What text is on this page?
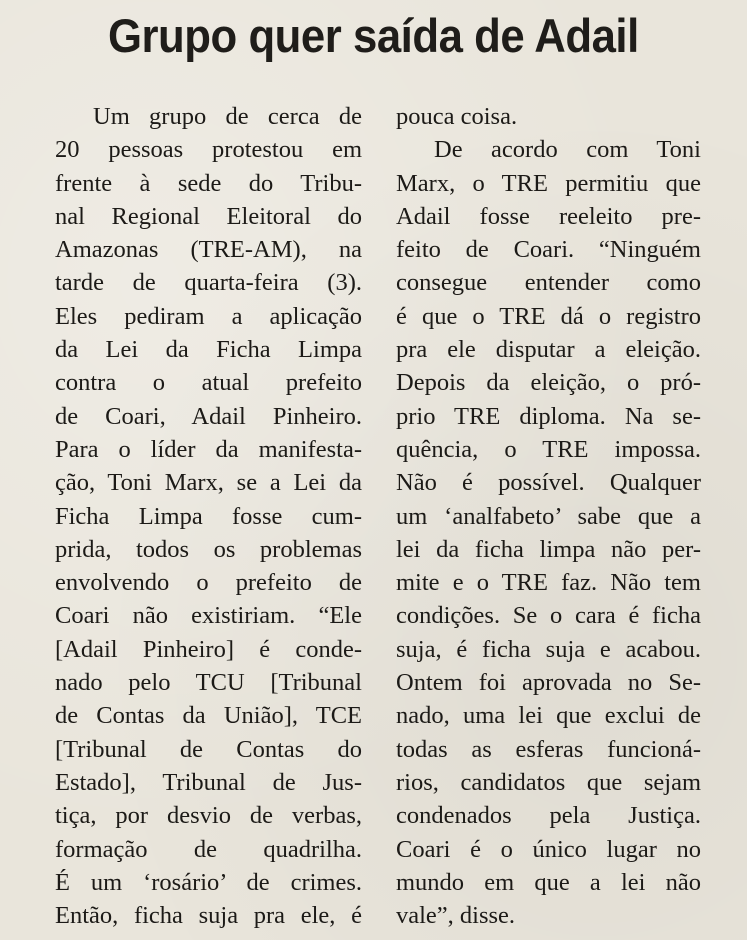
Grupo quer saída de Adail
Um grupo de cerca de
20 pessoas protestou em
frente à sede do Tribu-
nal Regional Eleitoral do
Amazonas (TRE-AM), na
tarde de quarta-feira (3).
Eles pediram a aplicação
da Lei da Ficha Limpa
contra o atual prefeito
de Coari, Adail Pinheiro.
Para o líder da manifesta-
ção, Toni Marx, se a Lei da
Ficha Limpa fosse cum-
prida, todos os problemas
envolvendo o prefeito de
Coari não existiriam. “Ele
[Adail Pinheiro] é conde-
nado pelo TCU [Tribunal
de Contas da União], TCE
[Tribunal de Contas do
Estado], Tribunal de Jus-
tiça, por desvio de verbas,
formação de quadrilha.
É um ‘rosário’ de crimes.
Então, ficha suja pra ele, é
pouca coisa.
De acordo com Toni
Marx, o TRE permitiu que
Adail fosse reeleito pre-
feito de Coari. “Ninguém
consegue entender como
é que o TRE dá o registro
pra ele disputar a eleição.
Depois da eleição, o pró-
prio TRE diploma. Na se-
quência, o TRE impossa.
Não é possível. Qualquer
um ‘analfabeto’ sabe que a
lei da ficha limpa não per-
mite e o TRE faz. Não tem
condições. Se o cara é ficha
suja, é ficha suja e acabou.
Ontem foi aprovada no Se-
nado, uma lei que exclui de
todas as esferas funcioná-
rios, candidatos que sejam
condenados pela Justiça.
Coari é o único lugar no
mundo em que a lei não
vale”, disse.
